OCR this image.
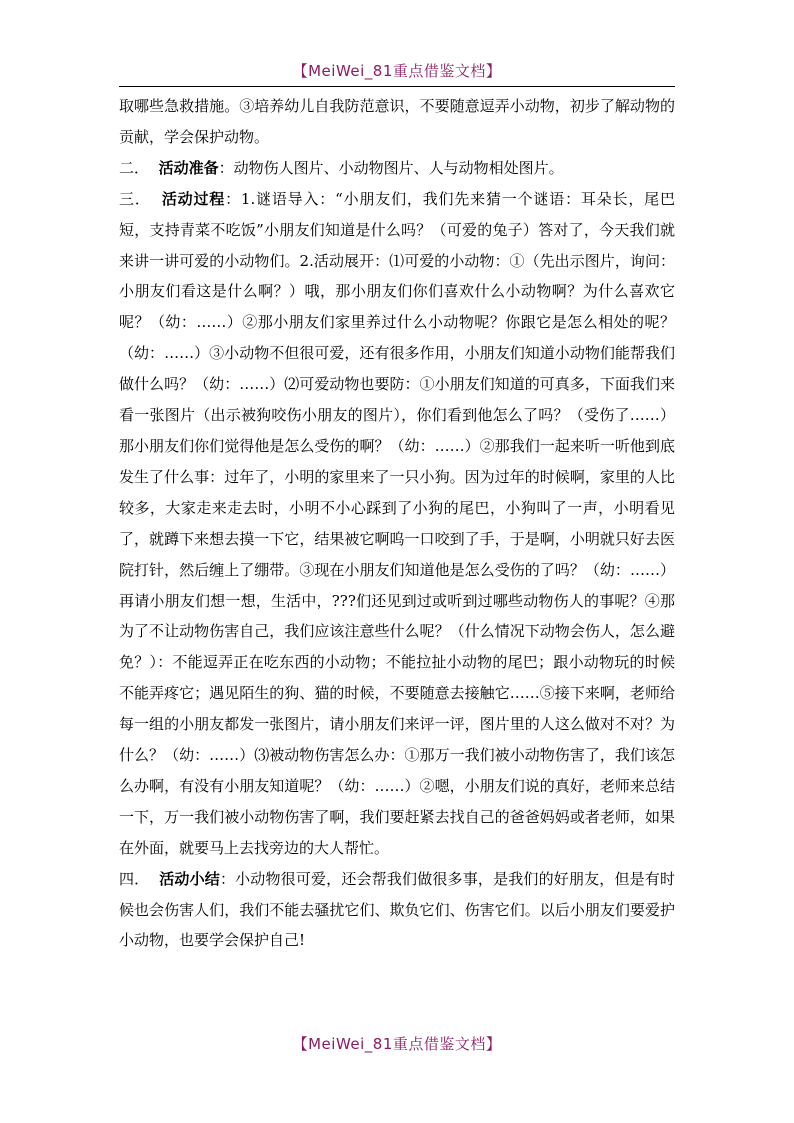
【MeiWei_81重点借鉴文档】

取哪些急救措施。③培养幼儿自我防范意识，不要随意逗弄小动物，初步了解动物的贡献，学会保护动物。

二． 活动准备：动物伤人图片、小动物图片、人与动物相处图片。

三． 活动过程：1.谜语导入：“小朋友们，我们先来猜一个谜语：耳朵长，尾巴短，支持青菜不吃饭”小朋友们知道是什么吗？（可爱的兔子）答对了，今天我们就来讲一讲可爱的小动物们。2.活动展开：⑴可爱的小动物：①（先出示图片，询问：小朋友们看这是什么啊？）哦，那小朋友们你们喜欢什么小动物啊？为什么喜欢它呢？（幼：……）②那小朋友们家里养过什么小动物呢？你跟它是怎么相处的呢？（幼：……）③小动物不但很可爱，还有很多作用，小朋友们知道小动物们能帮我们做什么吗？（幼：……）⑵可爱动物也要防：①小朋友们知道的可真多，下面我们来看一张图片（出示被狗咬伤小朋友的图片），你们看到他怎么了吗？（受伤了……）那小朋友们你们觉得他是怎么受伤的啊？（幼：……）②那我们一起来听一听他到底发生了什么事：过年了，小明的家里来了一只小狗。因为过年的时候啊，家里的人比较多，大家走来走去时，小明不小心踩到了小狗的尾巴，小狗叫了一声，小明看见了，就蹲下来想去摸一下它，结果被它啊呜一口咬到了手，于是啊，小明就只好去医院打针，然后缠上了绷带。③现在小朋友们知道他是怎么受伤的了吗？（幼：……）再请小朋友们想一想，生活中，???们还见到过或听到过哪些动物伤人的事呢？④那为了不让动物伤害自己，我们应该注意些什么呢？（什么情况下动物会伤人，怎么避免？）：不能逗弄正在吃东西的小动物；不能拉扯小动物的尾巴；跟小动物玩的时候不能弄疼它；遇见陌生的狗、猫的时候，不要随意去接触它……⑤接下来啊，老师给每一组的小朋友都发一张图片，请小朋友们来评一评，图片里的人这么做对不对？为什么？（幼：……）⑶被动物伤害怎么办：①那万一我们被小动物伤害了，我们该怎么办啊，有没有小朋友知道呢？（幼：……）②嗯，小朋友们说的真好，老师来总结一下，万一我们被小动物伤害了啊，我们要赶紧去找自己的爸爸妈妈或者老师，如果在外面，就要马上去找旁边的大人帮忙。

四． 活动小结：小动物很可爱，还会帮我们做很多事，是我们的好朋友，但是有时候也会伤害人们，我们不能去骚扰它们、欺负它们、伤害它们。以后小朋友们要爱护小动物，也要学会保护自己!

【MeiWei_81重点借鉴文档】
